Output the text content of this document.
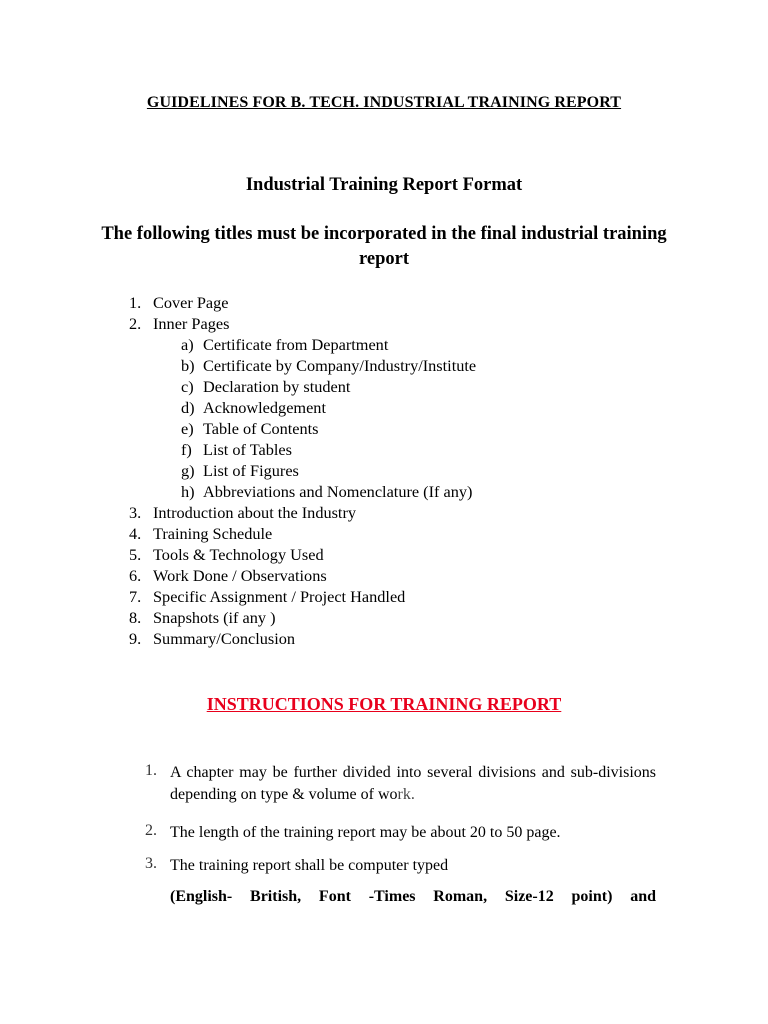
GUIDELINES FOR B. TECH. INDUSTRIAL TRAINING REPORT
Industrial Training Report Format
The following titles must be incorporated in the final industrial training report
1. Cover Page
2. Inner Pages
a) Certificate from Department
b) Certificate by Company/Industry/Institute
c) Declaration by student
d) Acknowledgement
e) Table of Contents
f) List of Tables
g) List of Figures
h) Abbreviations and Nomenclature (If any)
3. Introduction about the Industry
4. Training Schedule
5. Tools & Technology Used
6. Work Done / Observations
7. Specific Assignment / Project Handled
8. Snapshots (if any )
9. Summary/Conclusion
INSTRUCTIONS FOR TRAINING REPORT
1. A chapter may be further divided into several divisions and sub-divisions depending on type & volume of work.
2. The length of the training report may be about 20 to 50 page.
3. The training report shall be computer typed
(English- British, Font -Times Roman, Size-12 point) and
